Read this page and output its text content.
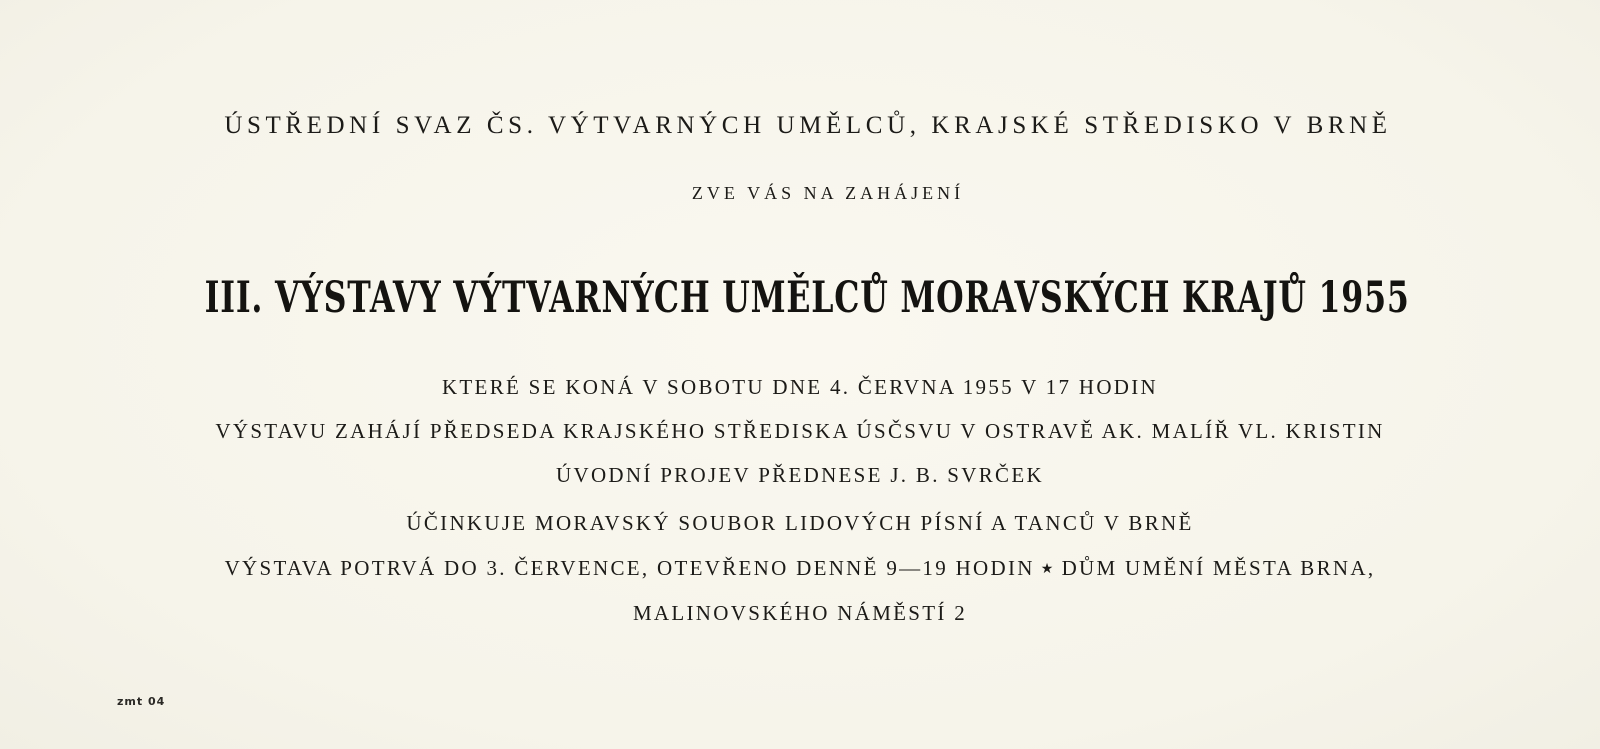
ÚSTŘEDNÍ SVAZ ČS. VÝTVARNÝCH UMĚLCŮ, KRAJSKÉ STŘEDISKO V BRNĚ
ZVE VÁS NA ZAHÁJENÍ
III. VÝSTAVY VÝTVARNÝCH UMĚLCŮ MORAVSKÝCH KRAJŮ 1955
KTERÉ SE KONÁ V SOBOTU DNE 4. ČERVNA 1955 V 17 HODIN
VÝSTAVU ZAHÁJÍ PŘEDSEDA KRAJSKÉHO STŘEDISKA ÚSČSVU V OSTRAVĚ AK. MALÍŘ VL. KRISTIN
ÚVODNÍ PROJEV PŘEDNESE J. B. SVRČEK
ÚČINKUJE MORAVSKÝ SOUBOR LIDOVÝCH PÍSNÍ A TANCŮ V BRNĚ
VÝSTAVA POTRVÁ DO 3. ČERVENCE, OTEVŘENO DENNĚ 9—19 HODIN ★ DŮM UMĚNÍ MĚSTA BRNA,
MALINOVSKÉHO NÁMĚSTÍ 2
zmt 04
